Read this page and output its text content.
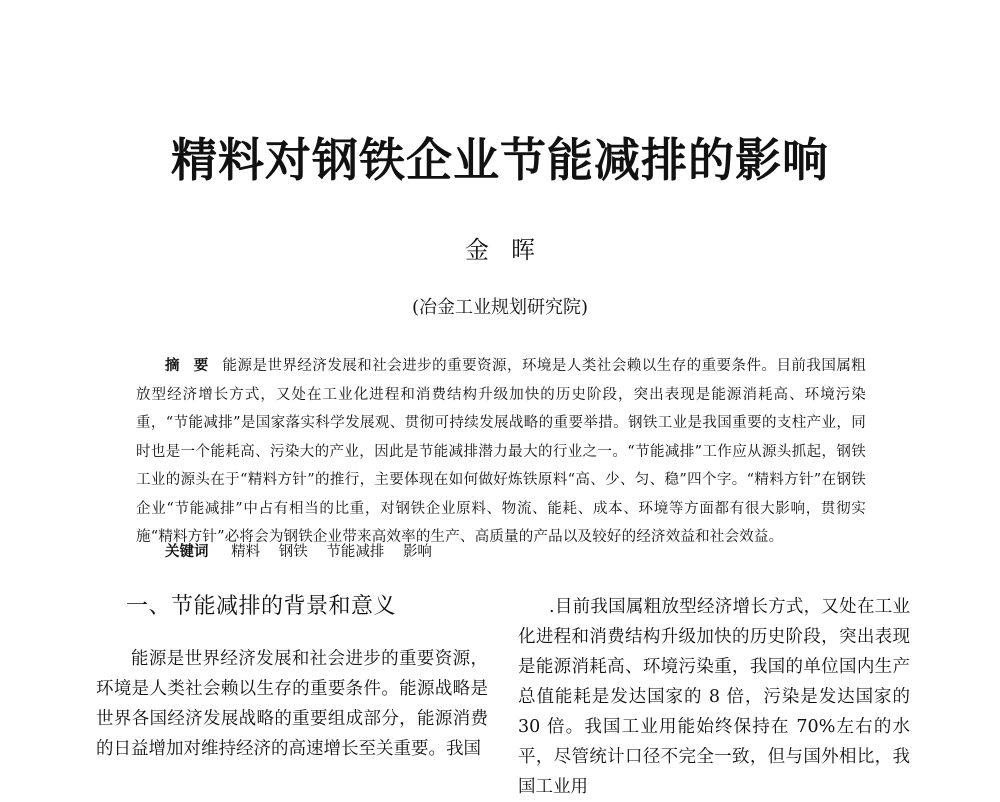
精料对钢铁企业节能减排的影响
金晖
(冶金工业规划研究院)
摘要能源是世界经济发展和社会进步的重要资源，环境是人类社会赖以生存的重要条件。目前我国属粗放型经济增长方式，又处在工业化进程和消费结构升级加快的历史阶段，突出表现是能源消耗高、环境污染重，“节能减排”是国家落实科学发展观、贯彻可持续发展战略的重要举措。钢铁工业是我国重要的支柱产业，同时也是一个能耗高、污染大的产业，因此是节能减排潜力最大的行业之一。“节能减排”工作应从源头抓起，钢铁工业的源头在于“精料方针”的推行，主要体现在如何做好炼铁原料“高、少、匀、稳”四个字。“精料方针”在钢铁企业“节能减排”中占有相当的比重，对钢铁企业原料、物流、能耗、成本、环境等方面都有很大影响，贯彻实施“精料方针”必将会为钢铁企业带来高效率的生产、高质量的产品以及较好的经济效益和社会效益。
关键词 精料 钢铁 节能减排 影响
一、节能减排的背景和意义

能源是世界经济发展和社会进步的重要资源，环境是人类社会赖以生存的重要条件。能源战略是世界各国经济发展战略的重要组成部分，能源消费的日益增加对维持经济的高速增长至关重要。我国

.目前我国属粗放型经济增长方式，又处在工业化进程和消费结构升级加快的历史阶段，突出表现是能源消耗高、环境污染重，我国的单位国内生产总值能耗是发达国家的 8 倍，污染是发达国家的 30 倍。我国工业用能始终保持在 70%左右的水平，尽管统计口径不完全一致，但与国外相比，我国工业用
